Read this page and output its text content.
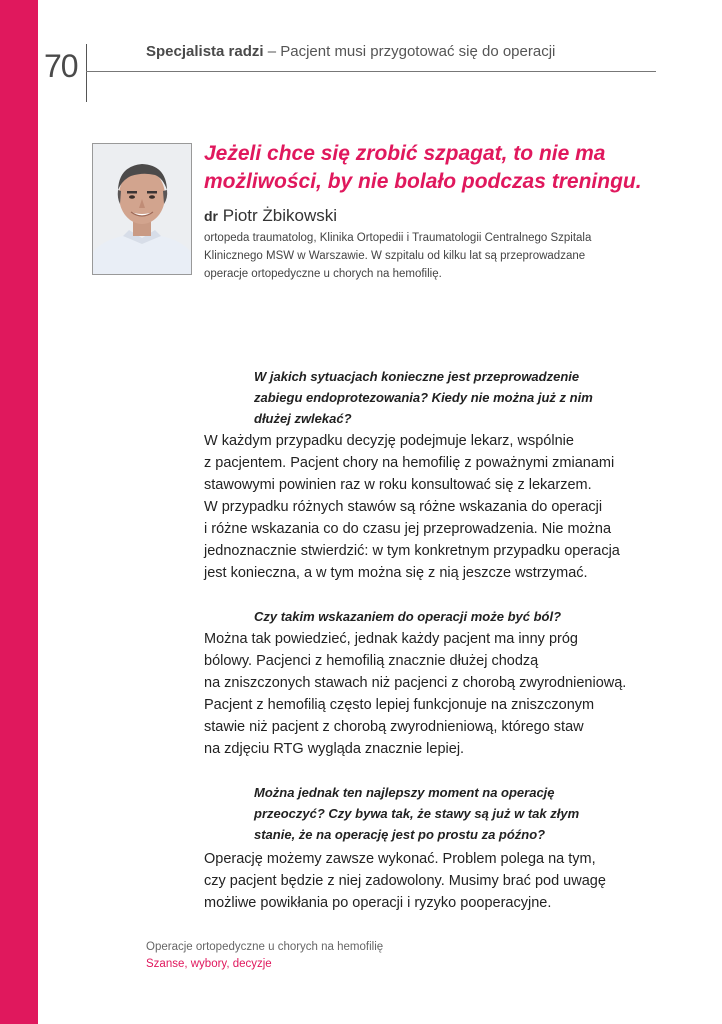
70	Specjalista radzi – Pacjent musi przygotować się do operacji
Jeżeli chce się zrobić szpagat, to nie ma
możliwości, by nie bolało podczas treningu.
dr Piotr Żbikowski

ortopeda traumatolog, Klinika Ortopedii i Traumatologii Centralnego Szpitala
Klinicznego MSW w Warszawie. W szpitalu od kilku lat są przeprowadzane
operacje ortopedyczne u chorych na hemofilię.

W jakich sytuacjach konieczne jest przeprowadzenie
zabiegu endoprotezowania? Kiedy nie można już z nim
dłużej zwlekać?

W każdym przypadku decyzję podejmuje lekarz, wspólnie
z pacjentem. Pacjent chory na hemofilię z poważnymi zmianami
stawowymi powinien raz w roku konsultować się z lekarzem.
W przypadku różnych stawów są różne wskazania do operacji
i różne wskazania co do czasu jej przeprowadzenia. Nie można
jednoznacznie stwierdzić: w tym konkretnym przypadku operacja
jest konieczna, a w tym można się z nią jeszcze wstrzymać.

Czy takim wskazaniem do operacji może być ból?

Można tak powiedzieć, jednak każdy pacjent ma inny próg
bólowy. Pacjenci z hemofilią znacznie dłużej chodzą
na zniszczonych stawach niż pacjenci z chorobą zwyrodnieniową.
Pacjent z hemofilią często lepiej funkcjonuje na zniszczonym
stawie niż pacjent z chorobą zwyrodnieniową, którego staw
na zdjęciu RTG wygląda znacznie lepiej.

Można jednak ten najlepszy moment na operację
przeoczyć? Czy bywa tak, że stawy są już w tak złym
stanie, że na operację jest po prostu za późno?

Operację możemy zawsze wykonać. Problem polega na tym,
czy pacjent będzie z niej zadowolony. Musimy brać pod uwagę
możliwe powikłania po operacji i ryzyko pooperacyjne.

Operacje ortopedyczne u chorych na hemofilię
Szanse, wybory, decyzje
